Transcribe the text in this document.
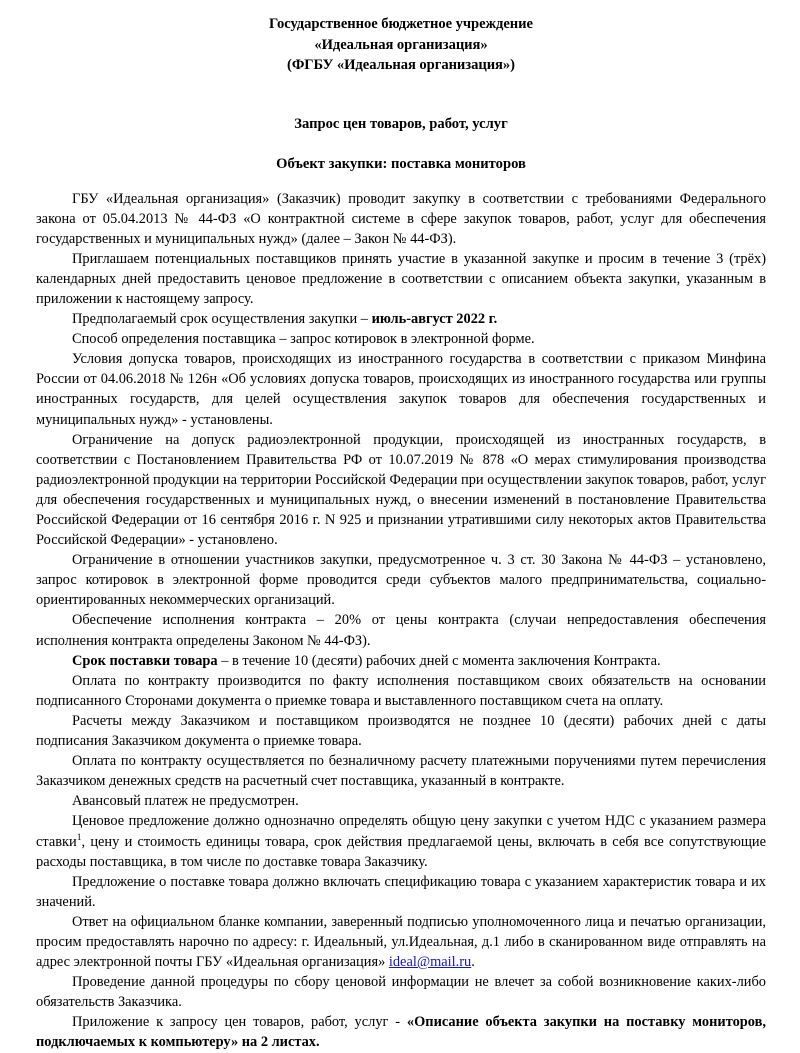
Государственное бюджетное учреждение
«Идеальная организация»
(ФГБУ «Идеальная организация»)
Запрос цен товаров, работ, услуг
Объект закупки: поставка мониторов

ГБУ «Идеальная организация» (Заказчик) проводит закупку в соответствии с требованиями Федерального закона от 05.04.2013 № 44-ФЗ «О контрактной системе в сфере закупок товаров, работ, услуг для обеспечения государственных и муниципальных нужд» (далее – Закон № 44-ФЗ).

Приглашаем потенциальных поставщиков принять участие в указанной закупке и просим в течение 3 (трёх) календарных дней предоставить ценовое предложение в соответствии с описанием объекта закупки, указанным в приложении к настоящему запросу.

Предполагаемый срок осуществления закупки – июль-август 2022 г.

Способ определения поставщика – запрос котировок в электронной форме.

Условия допуска товаров, происходящих из иностранного государства в соответствии с приказом Минфина России от 04.06.2018 № 126н «Об условиях допуска товаров, происходящих из иностранного государства или группы иностранных государств, для целей осуществления закупок товаров для обеспечения государственных и муниципальных нужд» - установлены.

Ограничение на допуск радиоэлектронной продукции, происходящей из иностранных государств, в соответствии с Постановлением Правительства РФ от 10.07.2019 № 878 «О мерах стимулирования производства радиоэлектронной продукции на территории Российской Федерации при осуществлении закупок товаров, работ, услуг для обеспечения государственных и муниципальных нужд, о внесении изменений в постановление Правительства Российской Федерации от 16 сентября 2016 г. N 925 и признании утратившими силу некоторых актов Правительства Российской Федерации» - установлено.

Ограничение в отношении участников закупки, предусмотренное ч. 3 ст. 30 Закона № 44-ФЗ – установлено, запрос котировок в электронной форме проводится среди субъектов малого предпринимательства, социально-ориентированных некоммерческих организаций.

Обеспечение исполнения контракта – 20% от цены контракта (случаи непредоставления обеспечения исполнения контракта определены Законом № 44-ФЗ).

Срок поставки товара – в течение 10 (десяти) рабочих дней с момента заключения Контракта.

Оплата по контракту производится по факту исполнения поставщиком своих обязательств на основании подписанного Сторонами документа о приемке товара и выставленного поставщиком счета на оплату.

Расчеты между Заказчиком и поставщиком производятся не позднее 10 (десяти) рабочих дней с даты подписания Заказчиком документа о приемке товара.

Оплата по контракту осуществляется по безналичному расчету платежными поручениями путем перечисления Заказчиком денежных средств на расчетный счет поставщика, указанный в контракте.

Авансовый платеж не предусмотрен.

Ценовое предложение должно однозначно определять общую цену закупки с учетом НДС с указанием размера ставки$^1$, цену и стоимость единицы товара, срок действия предлагаемой цены, включать в себя все сопутствующие расходы поставщика, в том числе по доставке товара Заказчику.

Предложение о поставке товара должно включать спецификацию товара с указанием характеристик товара и их значений.

Ответ на официальном бланке компании, заверенный подписью уполномоченного лица и печатью организации, просим предоставлять нарочно по адресу: г. Идеальный, ул.Идеальная, д.1 либо в сканированном виде отправлять на адрес электронной почты ГБУ «Идеальная организация» ideal@mail.ru.

Проведение данной процедуры по сбору ценовой информации не влечет за собой возникновение каких-либо обязательств Заказчика.

Приложение к запросу цен товаров, работ, услуг - «Описание объекта закупки на поставку мониторов, подключаемых к компьютеру» на 2 листах.
